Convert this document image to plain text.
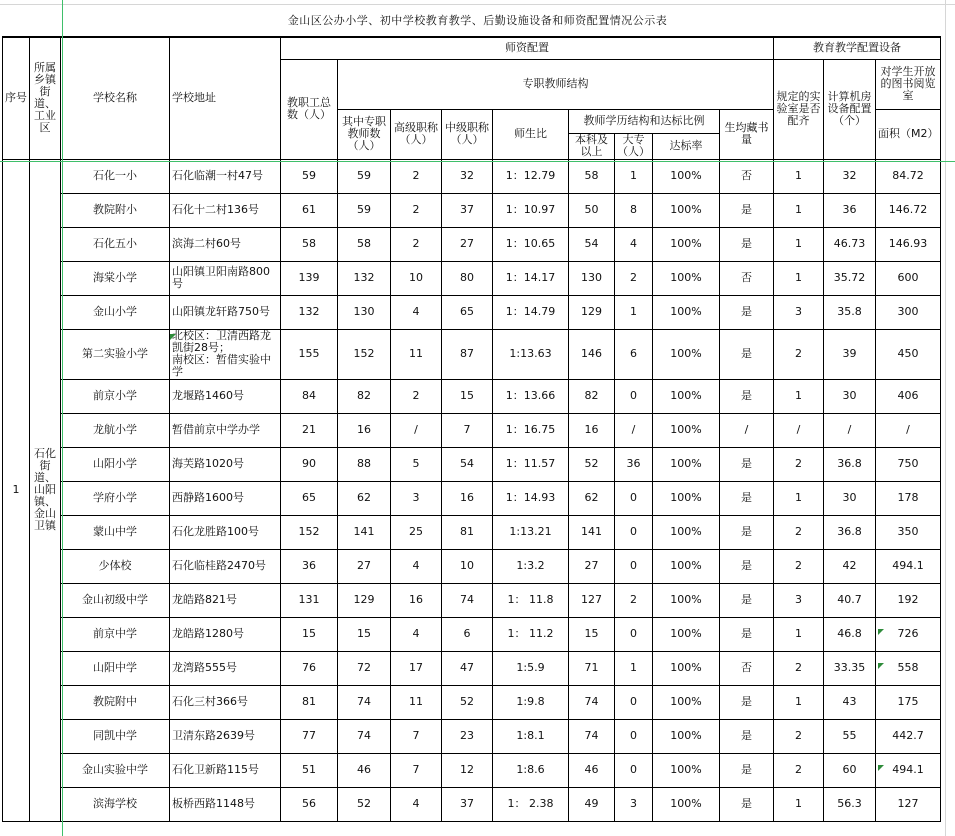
金山区公办小学、初中学校教育教学、后勤设施设备和师资配置情况公示表
序号	所属乡镇街道、工业区	学校名称	学校地址	师资配置									教育教学配置设备		
				教职工总数（人）	专职教师结构								规定的实验室是否配齐	计算机房设备配置（个）	对学生开放的图书阅览室
					其中专职教师数（人）	高级职称（人）	中级职称（人）	师生比	教师学历结构和达标比例			生均藏书量			面积（M2）
									本科及以上	大专（人）	达标率				

1	石化街道、山阳镇、金山卫镇	石化一小	石化临潮一村47号	59	59	2	32	1：12.79	58	1	100%	否	1	32	84.72
		教院附小	石化十二村136号	61	59	2	37	1：10.97	50	8	100%	是	1	36	146.72
		石化五小	滨海二村60号	58	58	2	27	1：10.65	54	4	100%	是	1	46.73	146.93
		海棠小学	山阳镇卫阳南路800号	139	132	10	80	1：14.17	130	2	100%	否	1	35.72	600
		金山小学	山阳镇龙轩路750号	132	130	4	65	1：14.79	129	1	100%	是	3	35.8	300
		第二实验小学	北校区：卫清西路龙凯街28号；
南校区：暂借实验中学	155	152	11	87	1:13.63	146	6	100%	是	2	39	450
		前京小学	龙堰路1460号	84	82	2	15	1：13.66	82	0	100%	是	1	30	406
		龙航小学	暂借前京中学办学	21	16	/	7	1：16.75	16	/	100%	/	/	/	/
		山阳小学	海芙路1020号	90	88	5	54	1：11.57	52	36	100%	是	2	36.8	750
		学府小学	西静路1600号	65	62	3	16	1：14.93	62	0	100%	是	1	30	178
		蒙山中学	石化龙胜路100号	152	141	25	81	1:13.21	141	0	100%	是	2	36.8	350
		少体校	石化临桂路2470号	36	27	4	10	1:3.2	27	0	100%	是	2	42	494.1
		金山初级中学	龙皓路821号	131	129	16	74	1： 11.8	127	2	100%	是	3	40.7	192
		前京中学	龙皓路1280号	15	15	4	6	1： 11.2	15	0	100%	是	1	46.8	726
		山阳中学	龙湾路555号	76	72	17	47	1:5.9	71	1	100%	否	2	33.35	558
		教院附中	石化三村366号	81	74	11	52	1:9.8	74	0	100%	是	1	43	175
		同凯中学	卫清东路2639号	77	74	7	23	1:8.1	74	0	100%	是	2	55	442.7
		金山实验中学	石化卫新路115号	51	46	7	12	1:8.6	46	0	100%	是	2	60	494.1
		滨海学校	板桥西路1148号	56	52	4	37	1： 2.38	49	3	100%	是	1	56.3	127
